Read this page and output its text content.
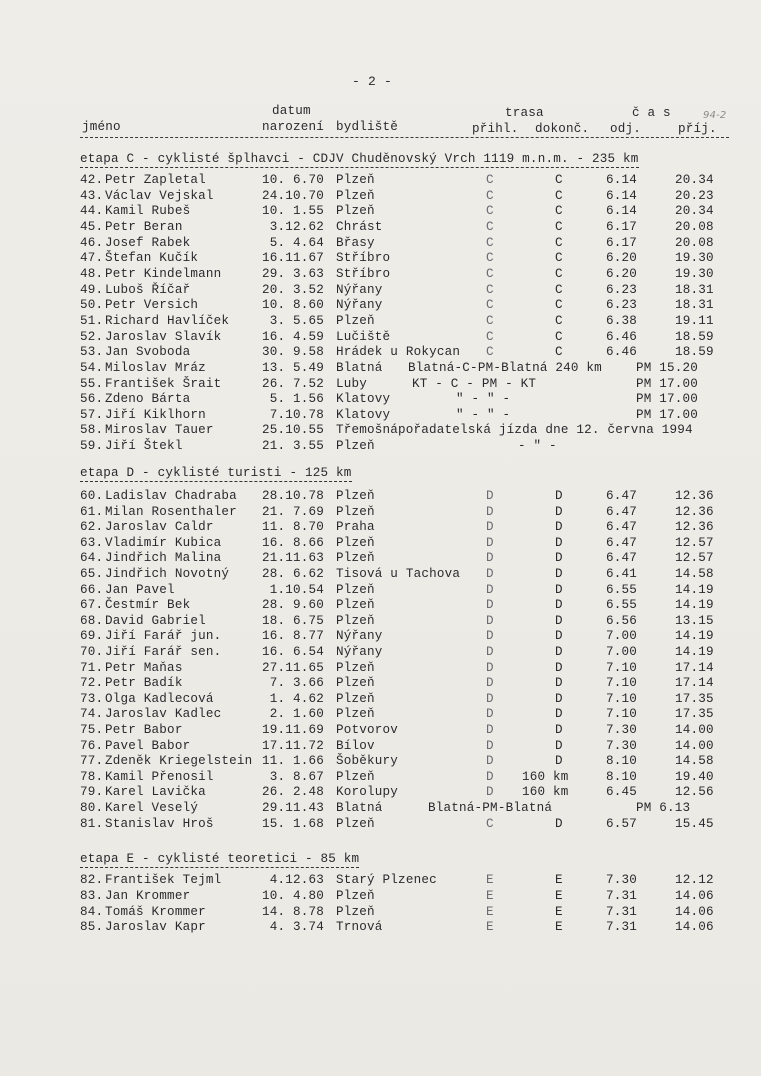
- 2 -
94-2
datum
narození
jméno	bydliště
trasa
přihl. dokonč.
č a s
odj.	příj.
etapa C - cyklisté šplhavci - CDJV Chuděnovský Vrch 1119 m.n.m. - 235 km
42. Petr Zapletal	10. 6.70 Plzeň	C	C	6.14	20.34
43. Václav Vejskal	24.10.70 Plzeň	C	C	6.14	20.23
44. Kamil Rubeš	10. 1.55 Plzeň	C	C	6.14	20.34
45. Petr Beran	3.12.62 Chrást	C	C	6.17	20.08
46. Josef Rabek	5. 4.64 Břasy	C	C	6.17	20.08
47. Štefan Kučík	16.11.67 Stříbro	C	C	6.20	19.30
48. Petr Kindelmann	29. 3.63 Stříbro	C	C	6.20	19.30
49. Luboš Říčař	20. 3.52 Nýřany	C	C	6.23	18.31
50. Petr Versich	10. 8.60 Nýřany	C	C	6.23	18.31
51. Richard Havlíček	3. 5.65 Plzeň	C	C	6.38	19.11
52. Jaroslav Slavík	16. 4.59 Lučiště	C	C	6.46	18.59
53. Jan Svoboda	30. 9.58 Hrádek u Rokycan C	C	6.46	18.59
54. Miloslav Mráz	13. 5.49 Blatná Blatná-C-PM-Blatná 240 km	PM 15.20
55. František Šrait	26. 7.52 Luby	KT - C - PM - KT	PM 17.00
56. Zdeno Bárta	5. 1.56 Klatovy	" - " -	PM 17.00
57. Jiří Kiklhorn	7.10.78 Klatovy	" - " -	PM 17.00
58. Miroslav Tauer	25.10.55 Třemošná pořadatelská jízda dne 12. června 1994
59. Jiří Štekl	21. 3.55 Plzeň	- " -
etapa D - cyklisté turisti - 125 km
60. Ladislav Chadraba	28.10.78 Plzeň	D	D	6.47	12.36
61. Milan Rosenthaler	21. 7.69 Plzeň	D	D	6.47	12.36
62. Jaroslav Caldr	11. 8.70 Praha	D	D	6.47	12.36
63. Vladimír Kubica	16. 8.66 Plzeň	D	D	6.47	12.57
64. Jindřich Malina	21.11.63 Plzeň	D	D	6.47	12.57
65. Jindřich Novotný	28. 6.62 Tisová u Tachova D	D	6.41	14.58
66. Jan Pavel	1.10.54 Plzeň	D	D	6.55	14.19
67. Čestmír Bek	28. 9.60 Plzeň	D	D	6.55	14.19
68. David Gabriel	18. 6.75 Plzeň	D	D	6.56	13.15
69. Jiří Farář jun.	16. 8.77 Nýřany	D	D	7.00	14.19
70. Jiří Farář sen.	16. 6.54 Nýřany	D	D	7.00	14.19
71. Petr Maňas	27.11.65 Plzeň	D	D	7.10	17.14
72. Petr Badík	7. 3.66 Plzeň	D	D	7.10	17.14
73. Olga Kadlecová	1. 4.62 Plzeň	D	D	7.10	17.35
74. Jaroslav Kadlec	2. 1.60 Plzeň	D	D	7.10	17.35
75. Petr Babor	19.11.69 Potvorov	D	D	7.30	14.00
76. Pavel Babor	17.11.72 Bílov	D	D	7.30	14.00
77. Zdeněk Kriegelstein 11. 1.66 Šoběkury	D	D	8.10	14.58
78. Kamil Přenosil	3. 8.67 Plzeň	D 160 km	8.10	19.40
79. Karel Lavička	26. 2.48 Korolupy	D 160 km	6.45	12.56
80. Karel Veselý	29.11.43 Blatná	Blatná-PM-Blatná	PM 6.13
81. Stanislav Hroš	15. 1.68 Plzeň	C	D	6.57	15.45
etapa E - cyklisté teoretici - 85 km
82. František Tejml	4.12.63 Starý Plzenec	E	E	7.30	12.12
83. Jan Krommer	10. 4.80 Plzeň	E	E	7.31	14.06
84. Tomáš Krommer	14. 8.78 Plzeň	E	E	7.31	14.06
85. Jaroslav Kapr	4. 3.74 Trnová	E	E	7.31	14.06
